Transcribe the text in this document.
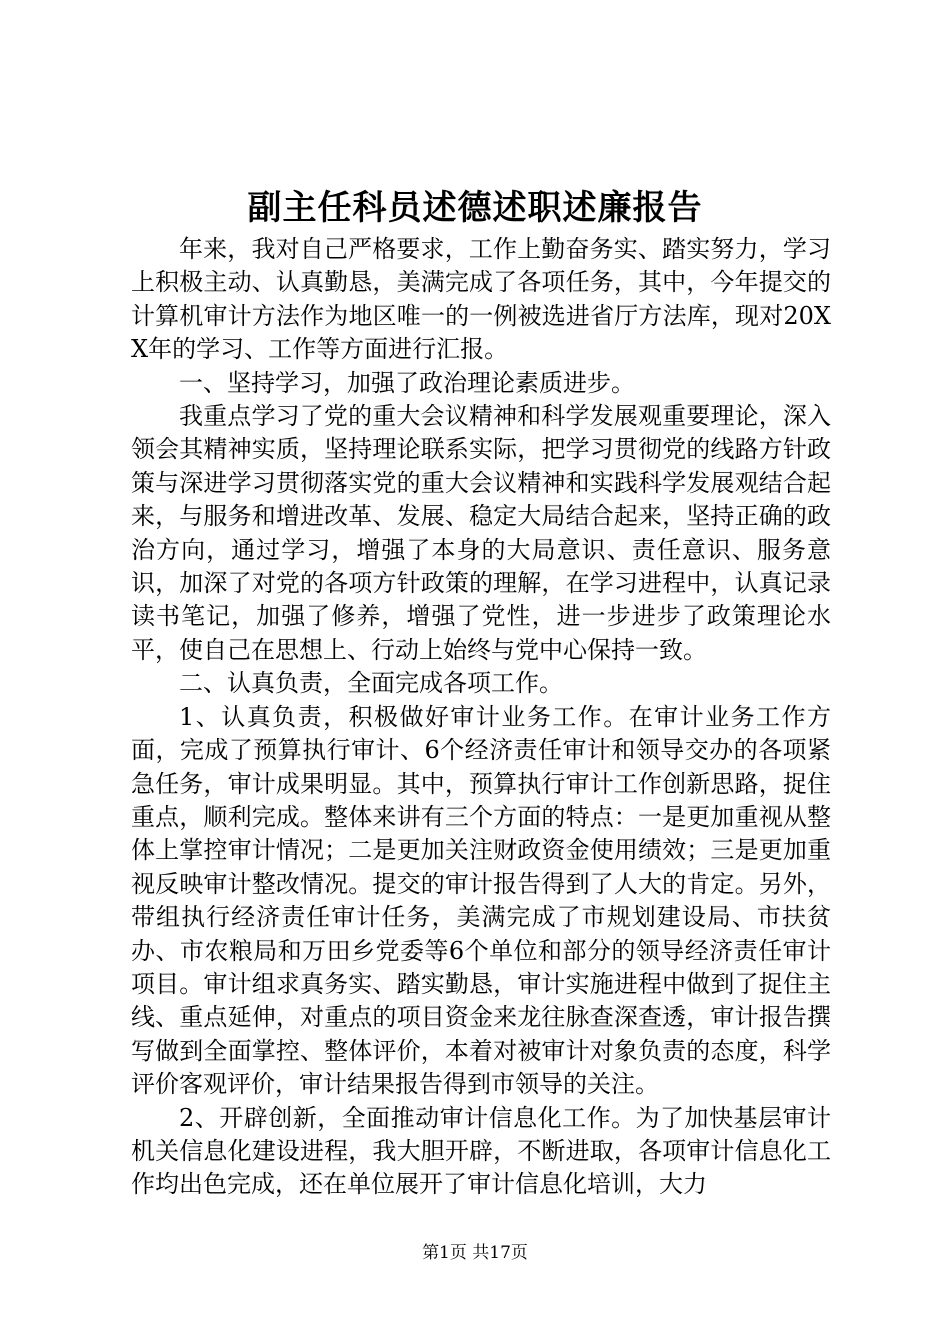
副主任科员述德述职述廉报告

年来，我对自己严格要求，工作上勤奋务实、踏实努力，学习上积极主动、认真勤恳，美满完成了各项任务，其中，今年提交的计算机审计方法作为地区唯一的一例被选进省厅方法库，现对20XX年的学习、工作等方面进行汇报。

一、坚持学习，加强了政治理论素质进步。

我重点学习了党的重大会议精神和科学发展观重要理论，深入领会其精神实质，坚持理论联系实际，把学习贯彻党的线路方针政策与深进学习贯彻落实党的重大会议精神和实践科学发展观结合起来，与服务和增进改革、发展、稳定大局结合起来，坚持正确的政治方向，通过学习，增强了本身的大局意识、责任意识、服务意识，加深了对党的各项方针政策的理解，在学习进程中，认真记录读书笔记，加强了修养，增强了党性，进一步进步了政策理论水平，使自己在思想上、行动上始终与党中心保持一致。

二、认真负责，全面完成各项工作。

1、认真负责，积极做好审计业务工作。在审计业务工作方面，完成了预算执行审计、6个经济责任审计和领导交办的各项紧急任务，审计成果明显。其中，预算执行审计工作创新思路，捉住重点，顺利完成。整体来讲有三个方面的特点：一是更加重视从整体上掌控审计情况；二是更加关注财政资金使用绩效；三是更加重视反映审计整改情况。提交的审计报告得到了人大的肯定。另外，带组执行经济责任审计任务，美满完成了市规划建设局、市扶贫办、市农粮局和万田乡党委等6个单位和部分的领导经济责任审计项目。审计组求真务实、踏实勤恳，审计实施进程中做到了捉住主线、重点延伸，对重点的项目资金来龙往脉查深查透，审计报告撰写做到全面掌控、整体评价，本着对被审计对象负责的态度，科学评价客观评价，审计结果报告得到市领导的关注。

2、开辟创新，全面推动审计信息化工作。为了加快基层审计机关信息化建设进程，我大胆开辟，不断进取，各项审计信息化工作均出色完成，还在单位展开了审计信息化培训，大力

第1页 共17页
